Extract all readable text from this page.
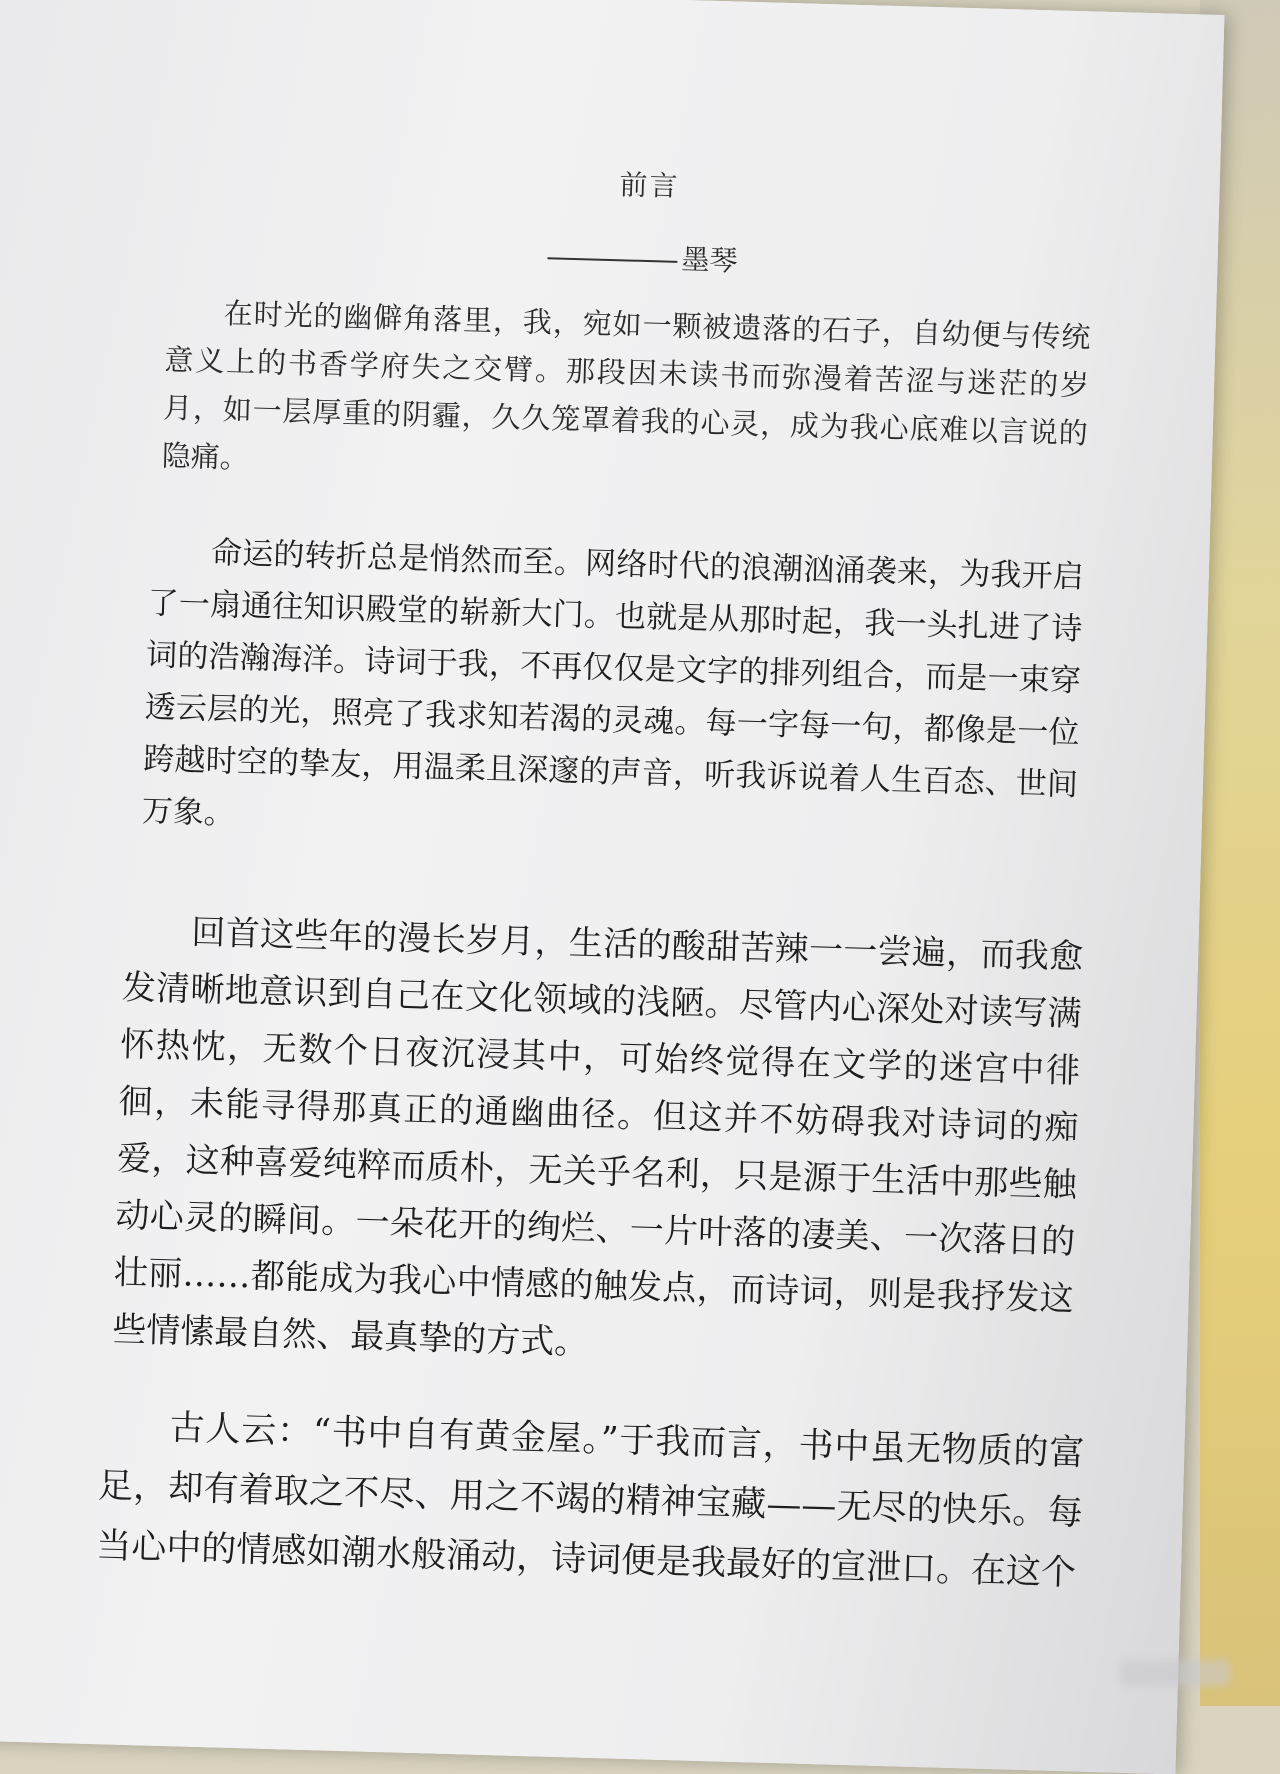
前言
墨琴

在时光的幽僻角落里，我，宛如一颗被遗落的石子，自幼便与传统意义上的书香学府失之交臂。那段因未读书而弥漫着苦涩与迷茫的岁月，如一层厚重的阴霾，久久笼罩着我的心灵，成为我心底难以言说的隐痛。

命运的转折总是悄然而至。网络时代的浪潮汹涌袭来，为我开启了一扇通往知识殿堂的崭新大门。也就是从那时起，我一头扎进了诗词的浩瀚海洋。诗词于我，不再仅仅是文字的排列组合，而是一束穿透云层的光，照亮了我求知若渴的灵魂。每一字每一句，都像是一位跨越时空的挚友，用温柔且深邃的声音，听我诉说着人生百态、世间万象。

回首这些年的漫长岁月，生活的酸甜苦辣一一尝遍，而我愈发清晰地意识到自己在文化领域的浅陋。尽管内心深处对读写满怀热忱，无数个日夜沉浸其中，可始终觉得在文学的迷宫中徘徊，未能寻得那真正的通幽曲径。但这并不妨碍我对诗词的痴爱，这种喜爱纯粹而质朴，无关乎名利，只是源于生活中那些触动心灵的瞬间。一朵花开的绚烂、一片叶落的凄美、一次落日的壮丽……都能成为我心中情感的触发点，而诗词，则是我抒发这些情愫最自然、最真挚的方式。

古人云：“书中自有黄金屋。”于我而言，书中虽无物质的富足，却有着取之不尽、用之不竭的精神宝藏——无尽的快乐。每当心中的情感如潮水般涌动，诗词便是我最好的宣泄口。在这个
